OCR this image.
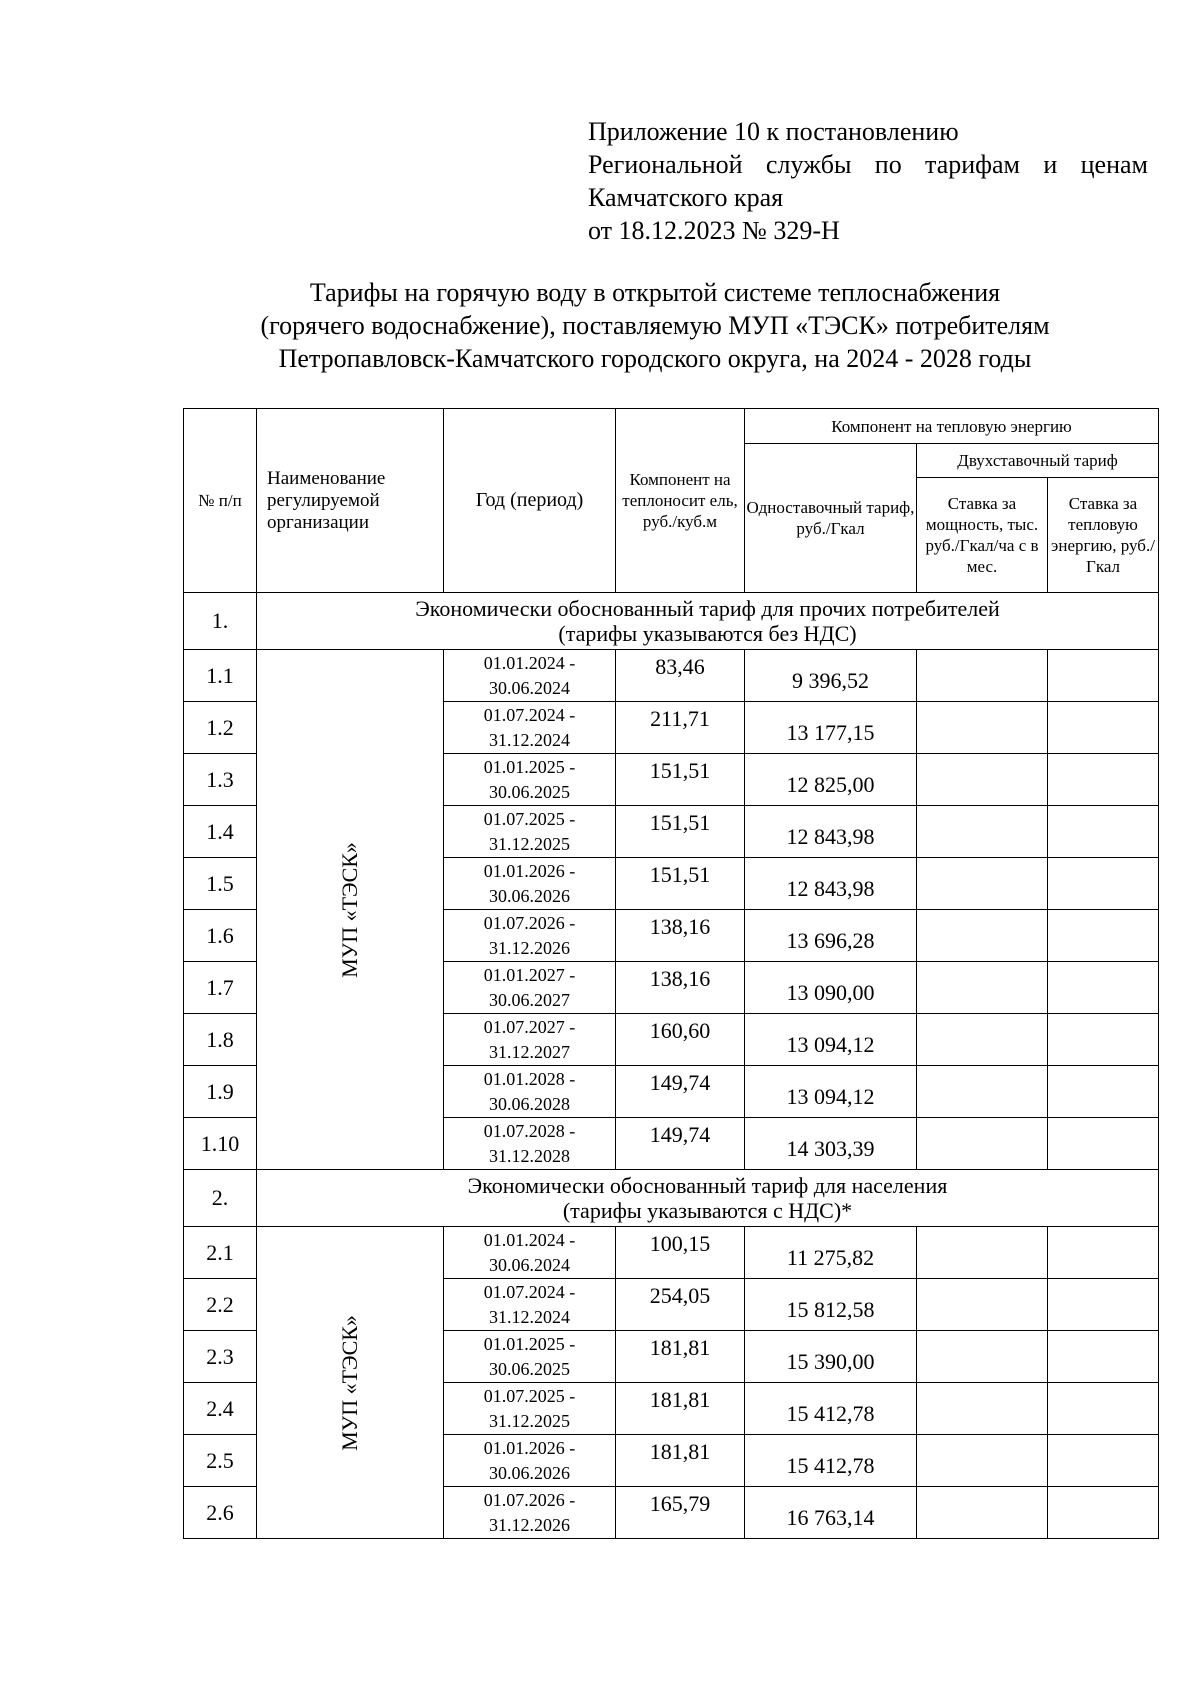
Приложение 10 к постановлению
Региональной службы по тарифам и ценам
Камчатского края
от 18.12.2023 № 329-Н
Тарифы на горячую воду в открытой системе теплоснабжения
(горячего водоснабжение), поставляемую МУП «ТЭСК» потребителям
Петропавловск-Камчатского городского округа, на 2024 - 2028 годы
№ п/п	Наименование регулируемой организации	Год (период)	Компонент на теплоносит ель, руб./куб.м	Компонент на тепловую энергию		
				Одноставочный тариф, руб./Гкал	Двухставочный тариф	
					Ставка за мощность, тыс. руб./Гкал/ча с в мес.	Ставка за тепловую энергию, руб./Гкал
1.	Экономически обоснованный тариф для прочих потребителей
(тарифы указываются без НДС)					

1.1	МУП «ТЭСК»	01.01.2024 -
30.06.2024	83,46	9 396,52		
1.2		01.07.2024 -
31.12.2024	211,71	13 177,15		
1.3		01.01.2025 -
30.06.2025	151,51	12 825,00		
1.4		01.07.2025 -
31.12.2025	151,51	12 843,98		
1.5		01.01.2026 -
30.06.2026	151,51	12 843,98		
1.6		01.07.2026 -
31.12.2026	138,16	13 696,28		
1.7		01.01.2027 -
30.06.2027	138,16	13 090,00		
1.8		01.07.2027 -
31.12.2027	160,60	13 094,12		
1.9		01.01.2028 -
30.06.2028	149,74	13 094,12		
1.10		01.07.2028 -
31.12.2028	149,74	14 303,39		
2.	Экономически обоснованный тариф для населения
(тарифы указываются с НДС)*					

2.1	МУП «ТЭСК»	01.01.2024 -
30.06.2024	100,15	11 275,82		
2.2		01.07.2024 -
31.12.2024	254,05	15 812,58		
2.3		01.01.2025 -
30.06.2025	181,81	15 390,00		
2.4		01.07.2025 -
31.12.2025	181,81	15 412,78		
2.5		01.01.2026 -
30.06.2026	181,81	15 412,78		
2.6		01.07.2026 -
31.12.2026	165,79	16 763,14		
